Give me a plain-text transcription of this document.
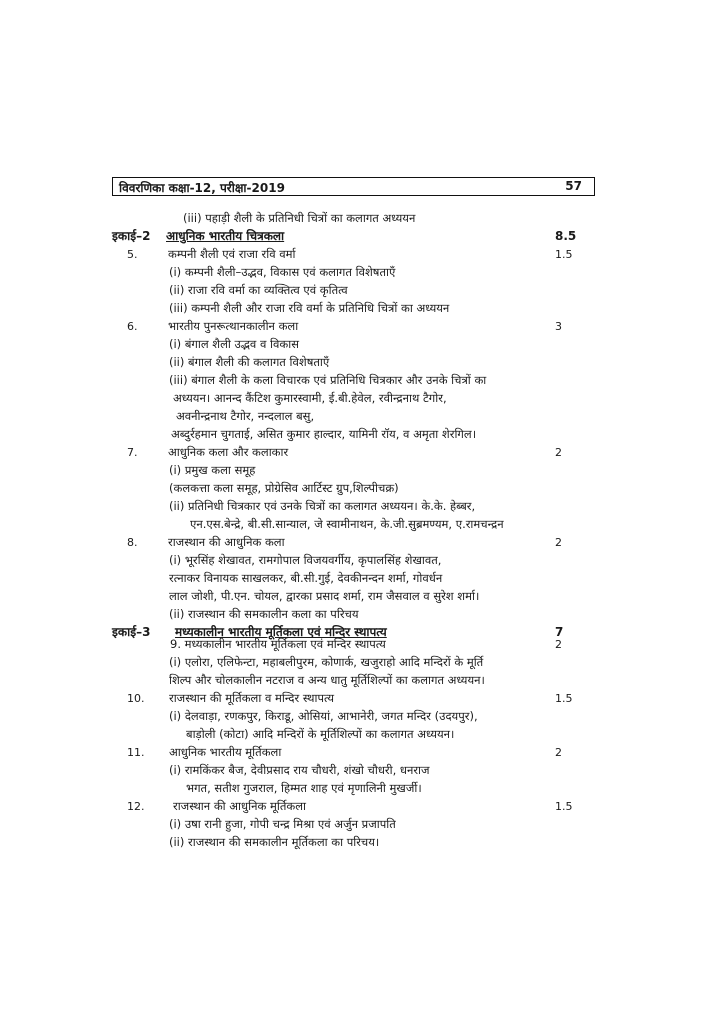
विवरणिका कक्षा-12, परीक्षा-2019	57
(iii) पहाड़ी शैली के प्रतिनिधी चित्रों का कलागत अध्ययन
इकाई–2 आधुनिक भारतीय चित्रकला	8.5
5.	कम्पनी शैली एवं राजा रवि वर्मा	1.5
(i) कम्पनी शैली–उद्भव, विकास एवं कलागत विशेषताएँ
(ii) राजा रवि वर्मा का व्यक्तित्व एवं कृतित्व
(iii) कम्पनी शैली और राजा रवि वर्मा के प्रतिनिधि चित्रों का अध्ययन
6.	भारतीय पुनरूत्थानकालीन कला	3
(i) बंगाल शैली उद्भव व विकास
(ii) बंगाल शैली की कलागत विशेषताएँ
(iii) बंगाल शैली के कला विचारक एवं प्रतिनिधि चित्रकार और उनके चित्रों का
अध्ययन। आनन्द कैंटिश कुमारस्वामी, ई.बी.हेवेल, रवीन्द्रनाथ टैगोर,
अवनीन्द्रनाथ टैगोर, नन्दलाल बसु,
अब्दुर्रहमान चुगताई, असित कुमार हाल्दार, यामिनी रॉय, व अमृता शेरगिल।
7.	आधुनिक कला और कलाकार	2
(i) प्रमुख कला समूह
(कलकत्ता कला समूह, प्रोग्रेसिव आर्टिस्ट ग्रुप,शिल्पीचक्र)
(ii) प्रतिनिधी चित्रकार एवं उनके चित्रों का कलागत अध्ययन। के.के. हेब्बर,
एन.एस.बेन्द्रे, बी.सी.सान्याल, जे स्वामीनाथन, के.जी.सुब्रमण्यम, ए.रामचन्द्रन
8.	राजस्थान की आधुनिक कला	2
(i) भूरसिंह शेखावत, रामगोपाल विजयवर्गीय, कृपालसिंह शेखावत,
रत्नाकर विनायक साखलकर, बी.सी.गुई, देवकीनन्दन शर्मा, गोवर्धन
लाल जोशी, पी.एन. चोयल, द्वारका प्रसाद शर्मा, राम जैसवाल व सुरेश शर्मा।
(ii) राजस्थान की समकालीन कला का परिचय
इकाई–3 मध्यकालीन भारतीय मूर्तिकला एवं मन्दिर स्थापत्य	7
9. मध्यकालीन भारतीय मूर्तिकला एवं मन्दिर स्थापत्य	2
(i) एलोरा, एलिफेन्टा, महाबलीपुरम, कोणार्क, खजुराहो आदि मन्दिरों के मूर्ति
शिल्प और चोलकालीन नटराज व अन्य धातु मूर्तिशिल्पों का कलागत अध्ययन।
10. राजस्थान की मूर्तिकला व मन्दिर स्थापत्य	1.5
(i) देलवाड़ा, रणकपुर, किराडू, ओसियां, आभानेरी, जगत मन्दिर (उदयपुर),
बाड़ोली (कोटा) आदि मन्दिरों के मूर्तिशिल्पों का कलागत अध्ययन।
11. आधुनिक भारतीय मूर्तिकला	2
(i) रामकिंकर बैज, देवीप्रसाद राय चौधरी, शंखो चौधरी, धनराज
भगत, सतीश गुजराल, हिम्मत शाह एवं मृणालिनी मुखर्जी।
12. राजस्थान की आधुनिक मूर्तिकला	1.5
(i) उषा रानी हुजा, गोपी चन्द्र मिश्रा एवं अर्जुन प्रजापति
(ii) राजस्थान की समकालीन मूर्तिकला का परिचय।
